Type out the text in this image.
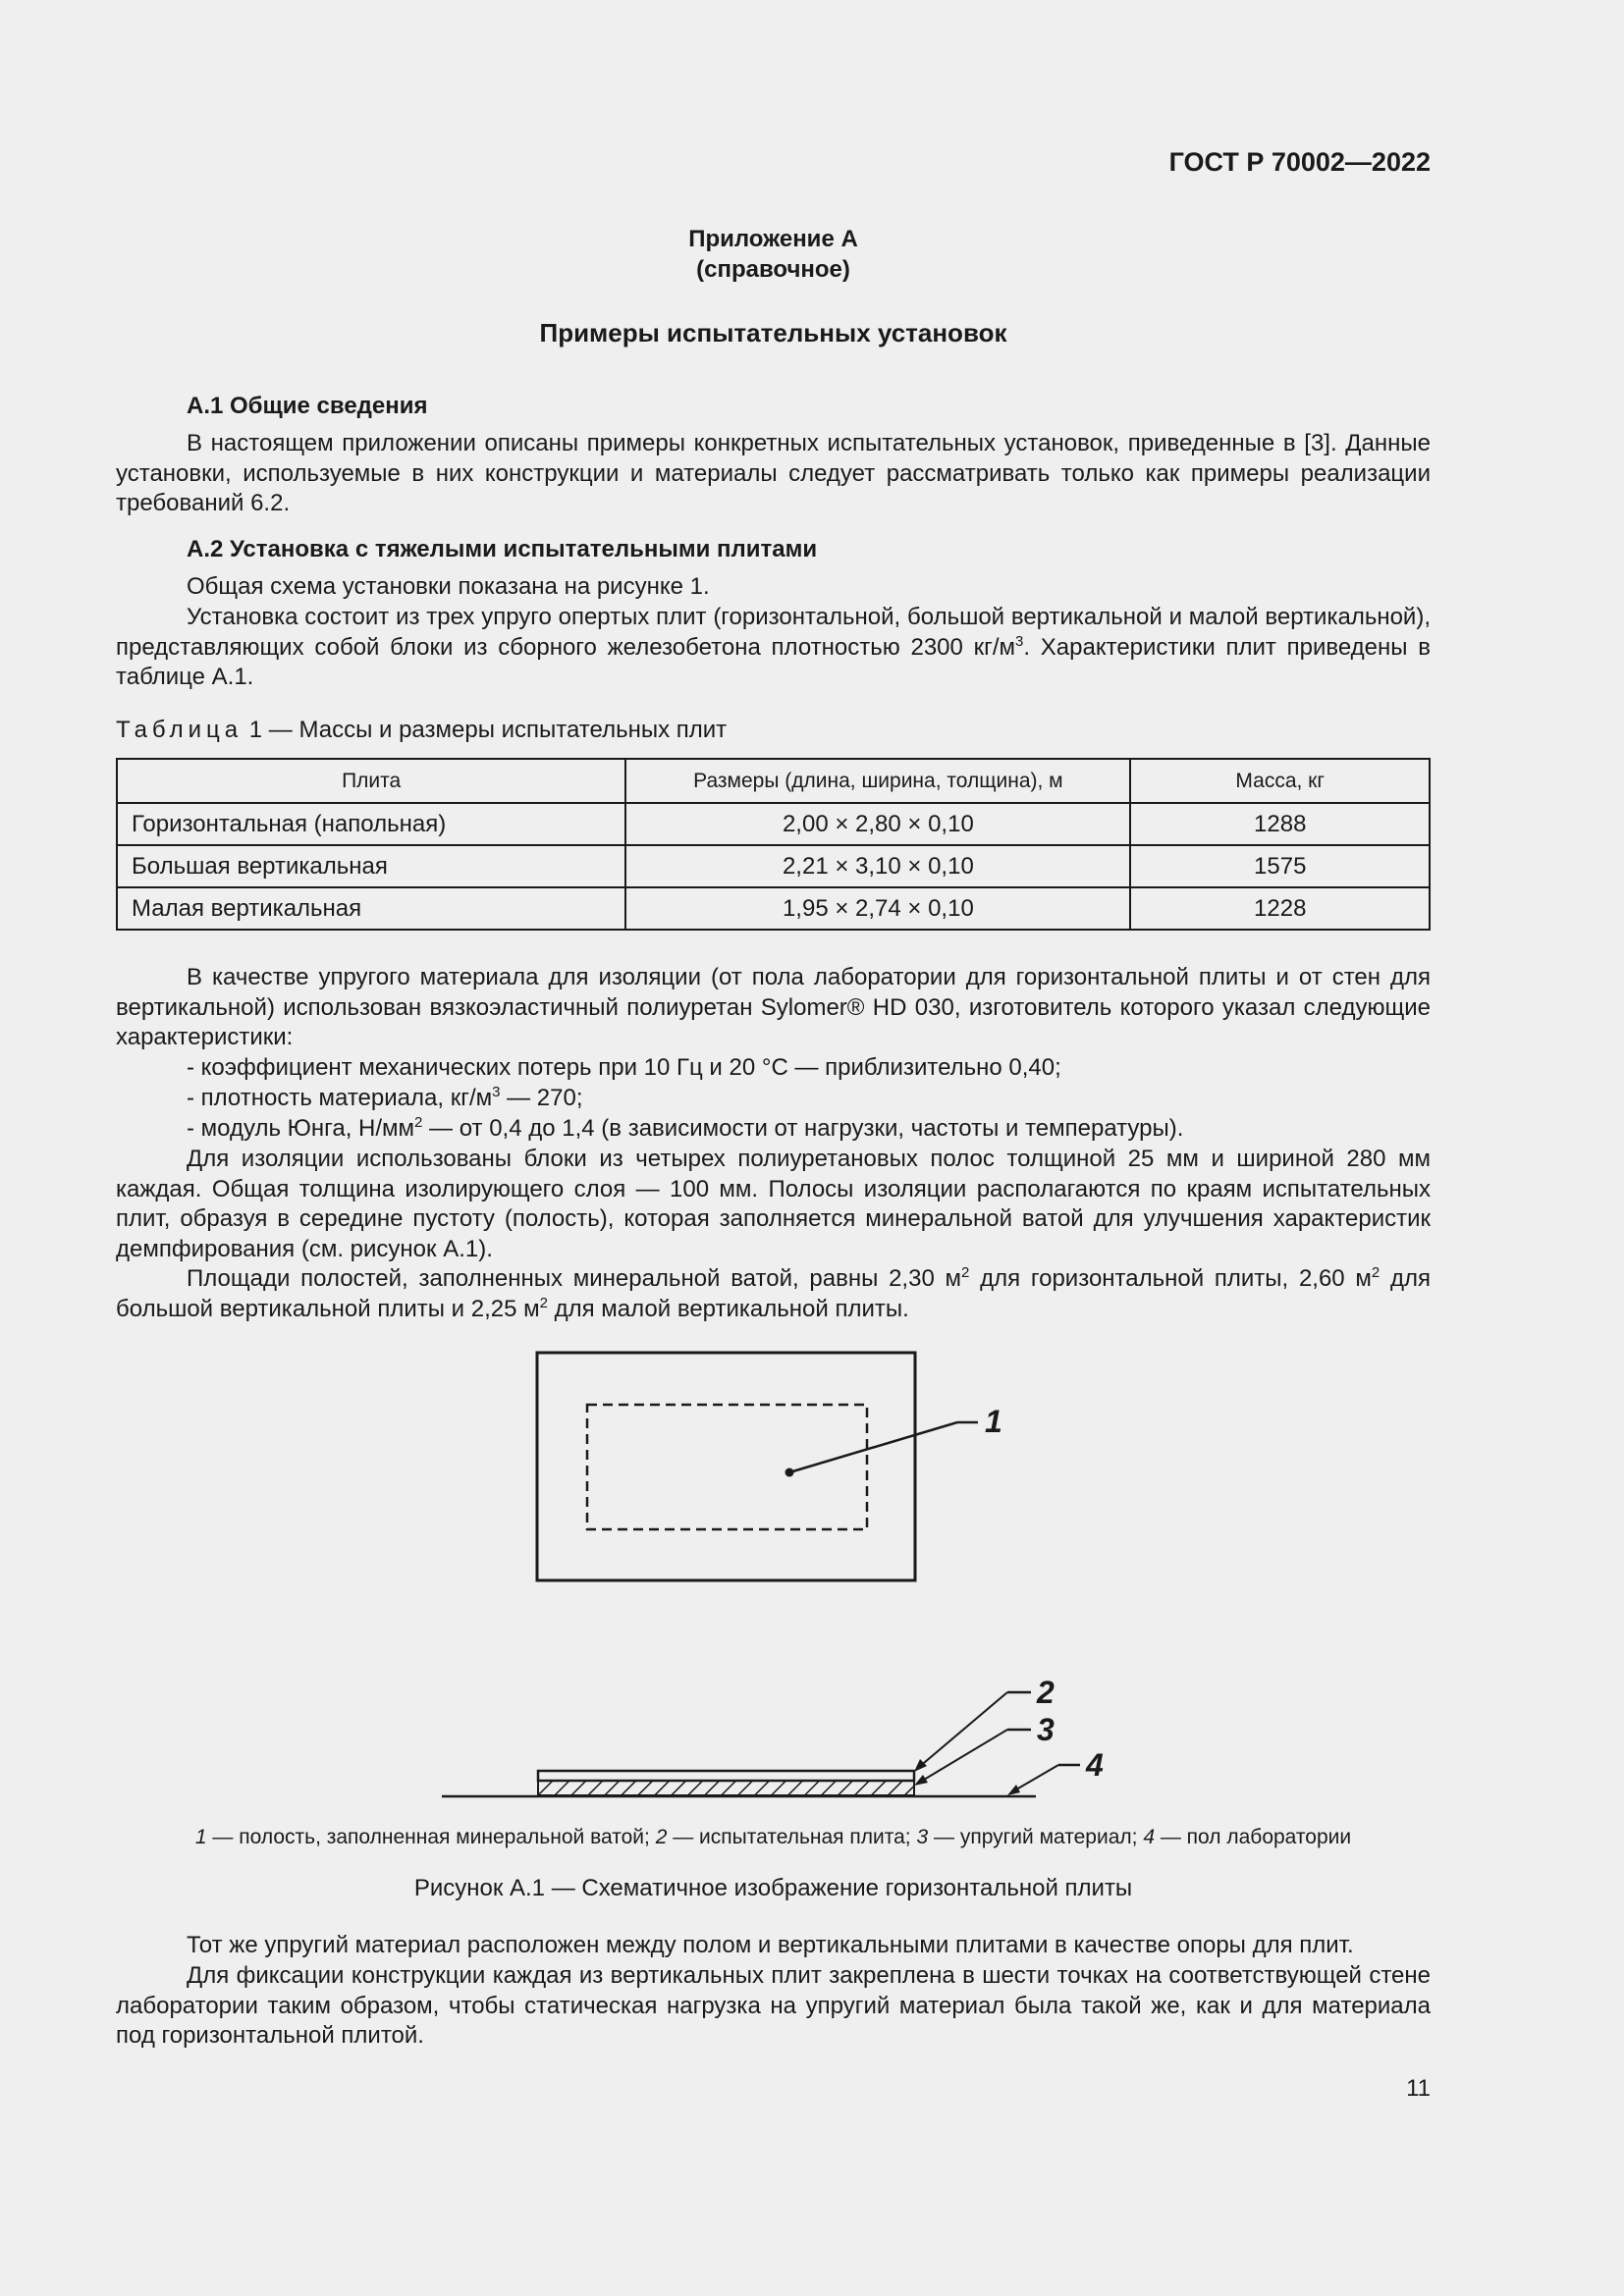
ГОСТ Р 70002—2022
Приложение А
(справочное)
Примеры испытательных установок
А.1 Общие сведения
В настоящем приложении описаны примеры конкретных испытательных установок, приведенные в [3]. Данные установки, используемые в них конструкции и материалы следует рассматривать только как примеры реализации требований 6.2.
А.2 Установка с тяжелыми испытательными плитами
Общая схема установки показана на рисунке 1.
Установка состоит из трех упруго опертых плит (горизонтальной, большой вертикальной и малой вертикальной), представляющих собой блоки из сборного железобетона плотностью 2300 $кг/м^3$. Характеристики плит приведены в таблице А.1.
Таблица 1 — Массы и размеры испытательных плит
Плита	Размеры (длина, ширина, толщина), м	Масса, кг
Горизонтальная (напольная)	2,00 × 2,80 × 0,10	1288
Большая вертикальная	2,21 × 3,10 × 0,10	1575
Малая вертикальная	1,95 × 2,74 × 0,10	1228
В качестве упругого материала для изоляции (от пола лаборатории для горизонтальной плиты и от стен для вертикальной) использован вязкоэластичный полиуретан Sylomer® HD 030, изготовитель которого указал следующие характеристики:
- коэффициент механических потерь при 10 Гц и 20 °C — приблизительно 0,40;
- плотность материала, $кг/м^3$ — 270;
- модуль Юнга, $Н/мм^2$ — от 0,4 до 1,4 (в зависимости от нагрузки, частоты и температуры).
Для изоляции использованы блоки из четырех полиуретановых полос толщиной 25 мм и шириной 280 мм каждая. Общая толщина изолирующего слоя — 100 мм. Полосы изоляции располагаются по краям испытательных плит, образуя в середине пустоту (полость), которая заполняется минеральной ватой для улучшения характеристик демпфирования (см. рисунок А.1).
Площади полостей, заполненных минеральной ватой, равны 2,30 $м^2$ для горизонтальной плиты, 2,60 $м^2$ для большой вертикальной плиты и 2,25 $м^2$ для малой вертикальной плиты.
1
2
3
4
1 — полость, заполненная минеральной ватой; 2 — испытательная плита; 3 — упругий материал; 4 — пол лаборатории
Рисунок А.1 — Схематичное изображение горизонтальной плиты
Тот же упругий материал расположен между полом и вертикальными плитами в качестве опоры для плит.
Для фиксации конструкции каждая из вертикальных плит закреплена в шести точках на соответствующей стене лаборатории таким образом, чтобы статическая нагрузка на упругий материал была такой же, как и для материала под горизонтальной плитой.
11
